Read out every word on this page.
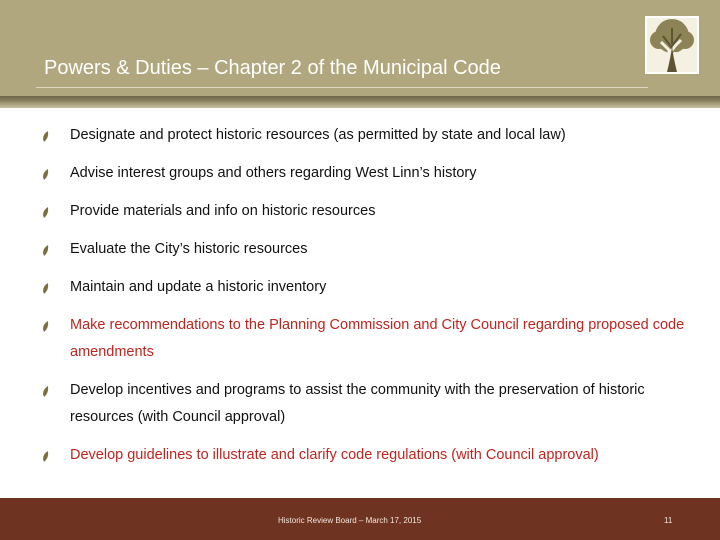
Powers & Duties – Chapter 2 of the Municipal Code
Designate and protect historic resources (as permitted by state and local law)
Advise interest groups and others regarding West Linn’s history
Provide materials and info on historic resources
Evaluate the City’s historic resources
Maintain and update a historic inventory
Make recommendations to the Planning Commission and City Council regarding proposed code amendments
Develop incentives and programs to assist the community with the preservation of historic resources (with Council approval)
Develop guidelines to illustrate and clarify code regulations (with Council approval)
Historic Review Board – March 17, 2015	11
